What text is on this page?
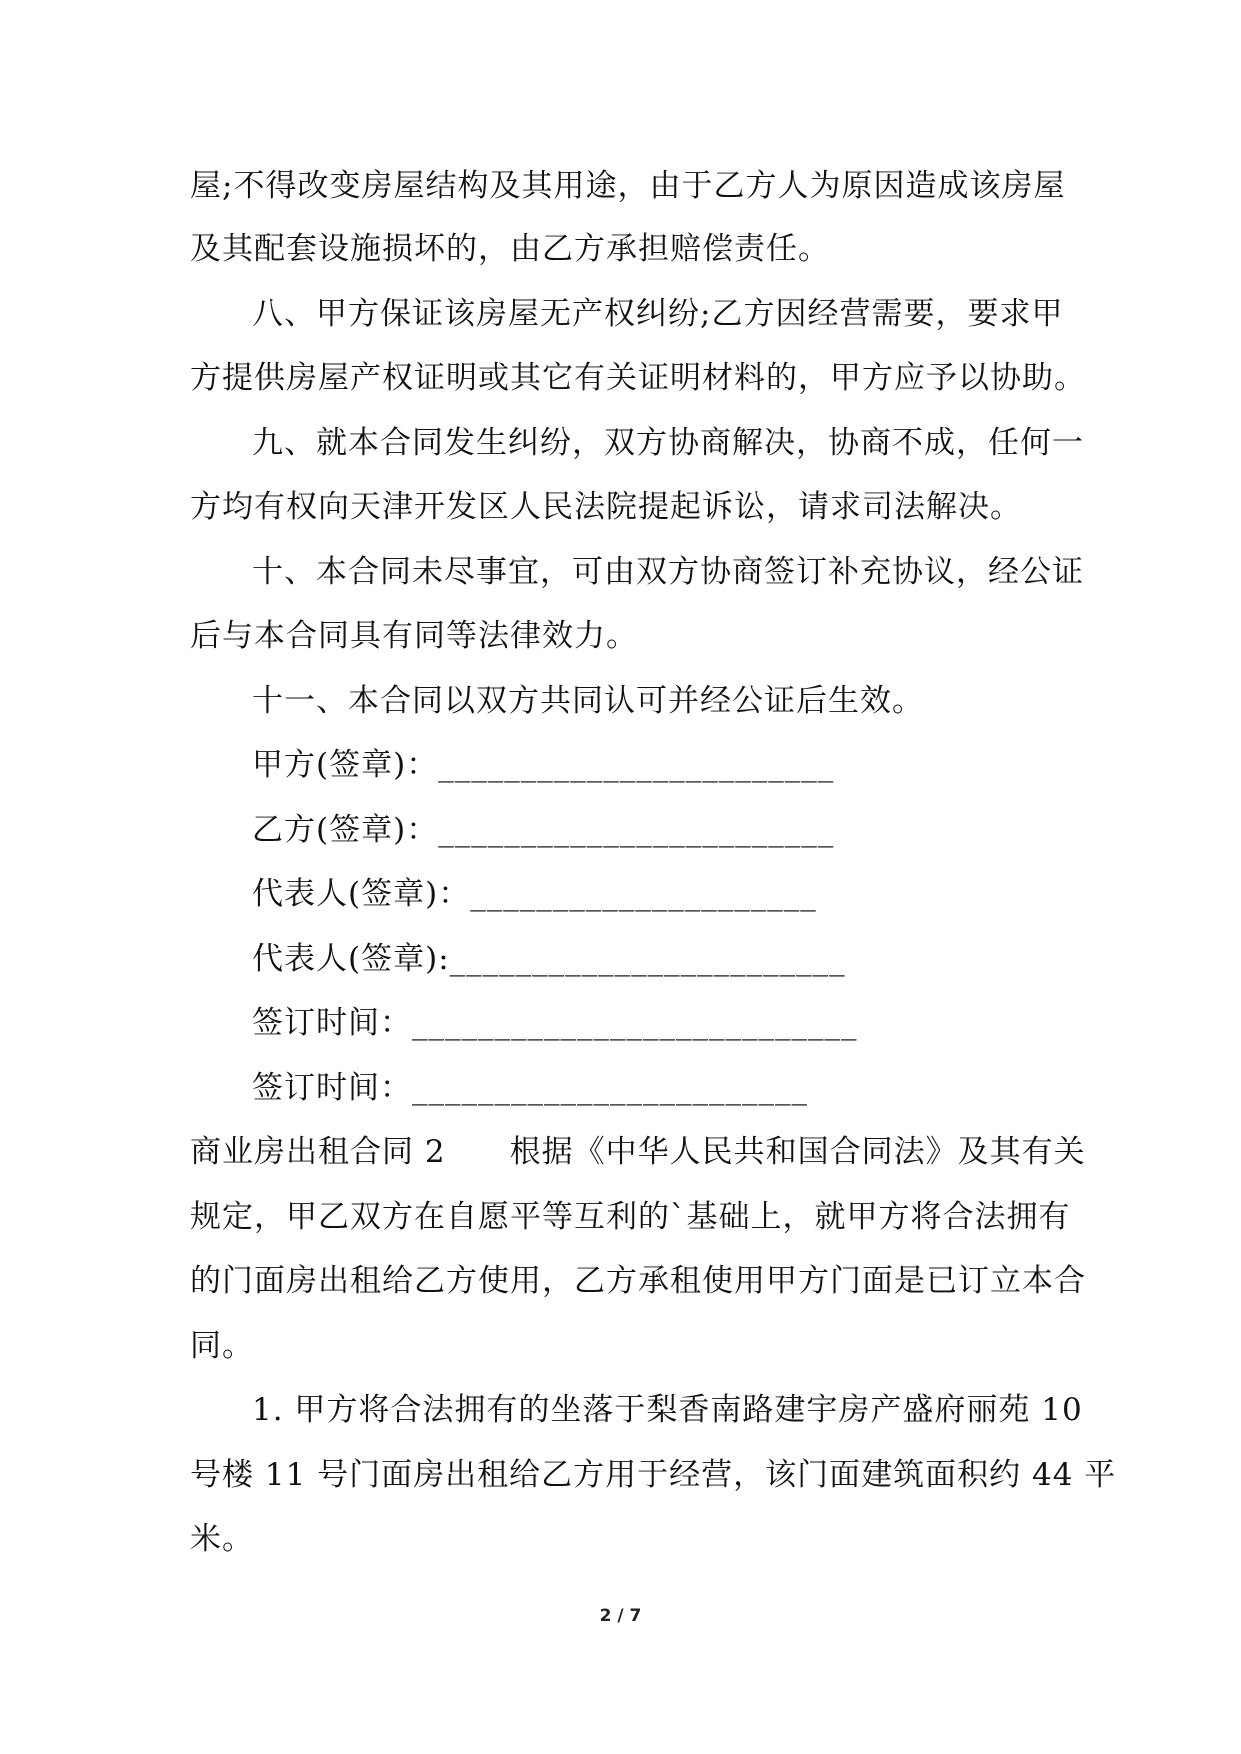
屋;不得改变房屋结构及其用途，由于乙方人为原因造成该房屋
及其配套设施损坏的，由乙方承担赔偿责任。
八、甲方保证该房屋无产权纠纷;乙方因经营需要，要求甲
方提供房屋产权证明或其它有关证明材料的，甲方应予以协助。
九、就本合同发生纠纷，双方协商解决，协商不成，任何一
方均有权向天津开发区人民法院提起诉讼，请求司法解决。
十、本合同未尽事宜，可由双方协商签订补充协议，经公证
后与本合同具有同等法律效力。
十一、本合同以双方共同认可并经公证后生效。
甲方(签章)：________________________
乙方(签章)：________________________
代表人(签章)：_____________________
代表人(签章):________________________
签订时间：___________________________
签订时间：________________________
商业房出租合同 2　　根据《中华人民共和国合同法》及其有关
规定，甲乙双方在自愿平等互利的`基础上，就甲方将合法拥有
的门面房出租给乙方使用，乙方承租使用甲方门面是已订立本合
同。
1. 甲方将合法拥有的坐落于梨香南路建宇房产盛府丽苑 10
号楼 11 号门面房出租给乙方用于经营，该门面建筑面积约 44 平
米。
2 / 7
